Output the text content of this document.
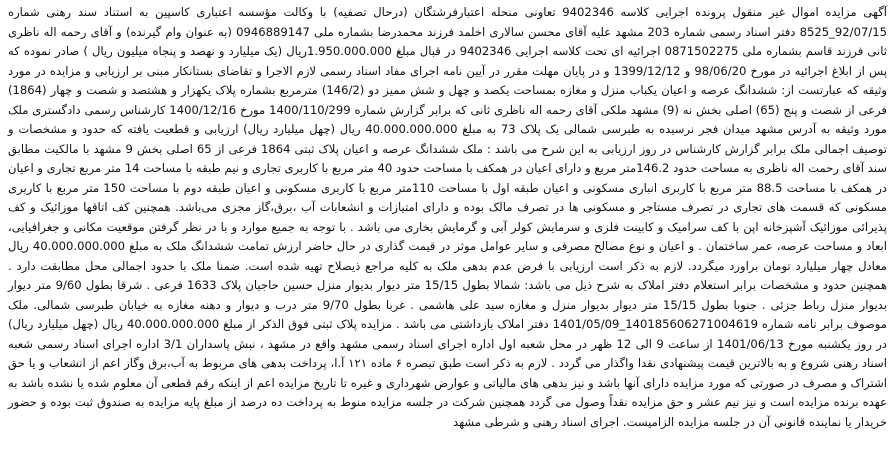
آگهی مزایده اموال غیر منقول پرونده اجرایی کلاسه 9402346 تعاونی منحله اعتبارفرشتگان (درحال تصفیه) با وکالت مؤسسه اعتباری کاسپین به استناد سند رهنی شماره 92/07/15_8525 دفتر اسناد رسمی شماره 203 مشهد علیه آقای محسن سالاری اخلمد فرزند محمدرضا بشماره ملی 0946889147 (به عنوان وام گیرنده) و آقای رحمه اله ناظری ثانی فرزند قاسم بشماره ملی 0871502275 اجرائیه ای تحت کلاسه اجرایی 9402346 در قبال مبلغ 1.950.000.000ریال (یک میلیارد و نهصد و پنجاه میلیون ریال ) صادر نموده که پس از ابلاغ اجرائیه در مورخ 98/06/20 و 1399/12/12 و در پایان مهلت مقرر در آیین نامه اجرای مفاد اسناد رسمی لازم الاجرا و تقاضای بستانکار مبنی بر ارزیابی و مزایده در مورد وثیقه که عبارتست از: ششدانگ عرصه و اعیان یکباب منزل و مغازه بمساحت یکصد و چهل و شش ممیز دو (146/2) مترمربع بشماره پلاک یکهزار و هشتصد و شصت و چهار (1864) فرعی از شصت و پنج (65) اصلی بخش نه (9) مشهد ملکی آقای رحمه اله ناظری ثانی که برابر گزارش شماره 1400/110/299 مورخ 1400/12/16 کارشناس رسمی دادگستری ملک مورد وثیقه به آدرس مشهد میدان فجر نرسیده به طبرسی شمالی یک پلاک 73 به مبلغ 40.000.000.000 ریال (چهل میلیارد ریال) ارزیابی و قطعیت یافته که حدود و مشخصات و توصیف اجمالی ملک برابر گزارش کارشناس در روز ارزیابی به این شرح می باشد : ملک ششدانگ عرصه و اعیان پلاک ثبتی 1864 فرعی از 65 اصلی بخش 9 مشهد با مالکیت مطابق سند آقای رحمت اله ناظری به مساحت حدود 146.2متر مربع و دارای اعیان در همکف با مساحت حدود 40 متر مربع با کاربری تجاری و نیم طبقه با مساحت 14 متر مربع تجاری و اعیان در همکف با مساحت 88.5 متر مربع با کاربری انباری مسکونی و اعیان طبقه اول با مساحت 110متر مربع با کاربری مسکونی و اعیان طبقه دوم با مساحت 150 متر مربع با کاربری مسکونی که قسمت های تجاری در تصرف مستاجر و مسکونی ها در تصرف مالک بوده و دارای امتیازات و انشعابات آب ،برق،گاز مجزی می‌باشد. همچنین کف اتاقها موزائیک و کف پذیرائی موزائیک آشپزخانه اپن با کف سرامیک و کابینت فلزی و سرمایش کولر آبی و گرمایش بخاری می باشد . با توجه به جمیع موارد و با در نظر گرفتن موقعیت مکانی و جغرافیایی، ابعاد و مساحت عرصه، عمر ساختمان . و اعیان و نوع مصالح مصرفی و سایر عوامل موثر در قیمت گذاری در حال حاضر ارزش تمامت ششدانگ ملک به مبلغ 40.000.000.000 ریال معادل چهار میلیارد تومان براورد میگردد. لازم به ذکر است ارزیابی با فرض عدم بدهی ملک به کلیه مراجع ذیصلاح تهیه شده است. ضمنا ملک با حدود اجمالی محل مطابقت دارد . همچنین حدود و مشخصات برابر استعلام دفتر املاک به شرح ذیل می باشد: شمالا بطول 15/15 متر دیوار بدیوار منزل حسین حاجیان پلاک 1633 فرعی . شرقا بطول 9/60 متر دیوار بدیوار منزل رباط جزئی . جنوبا بطول 15/15 متر دیوار بدیوار منزل و مغازه سید علی هاشمی . غربا بطول 9/70 متر درب و دیوار و دهنه مغازه به خیابان طبرسی شمالی. ملک موصوف برابر نامه شماره 140185606271004619_1401/05/09 دفتر املاک بازداشتی می باشد . مزایده پلاک ثبتی فوق الذکر از مبلغ 40.000.000.000 ریال (چهل میلیارد ریال) در روز یکشنبه مورخ 1401/06/13 از ساعت 9 الی 12 ظهر در محل شعبه اول اداره اجرای اسناد رسمی مشهد واقع در مشهد ، نبش پاسداران 3/1 اداره اجرای اسناد رسمی شعبه اسناد رهنی شروع و به بالاترین قیمت پیشنهادی نقدا واگذار می گردد . لازم به ذکر است طبق تبصره ۶ ماده ۱۲۱ آ.ا، پرداخت بدهی های مربوط به آب،برق وگاز اعم از انشعاب و یا حق اشتراک و مصرف در صورتی که مورد مزایده دارای آنها باشد و نیز بدهی های مالیاتی و عوارض شهرداری و غیره تا تاریخ مزایده اعم از اینکه رقم قطعی آن معلوم شده یا نشده باشد به عهده برنده مزایده است و نیز نیم عشر و حق مزایده نقداً وصول می گردد همچنین شرکت در جلسه مزایده منوط به پرداخت ده درصد از مبلغ پایه مزایده به صندوق ثبت بوده و حضور خریدار یا نماینده قانونی آن در جلسه مزایده الزامیست. اجرای اسناد رهنی و شرطی مشهد
